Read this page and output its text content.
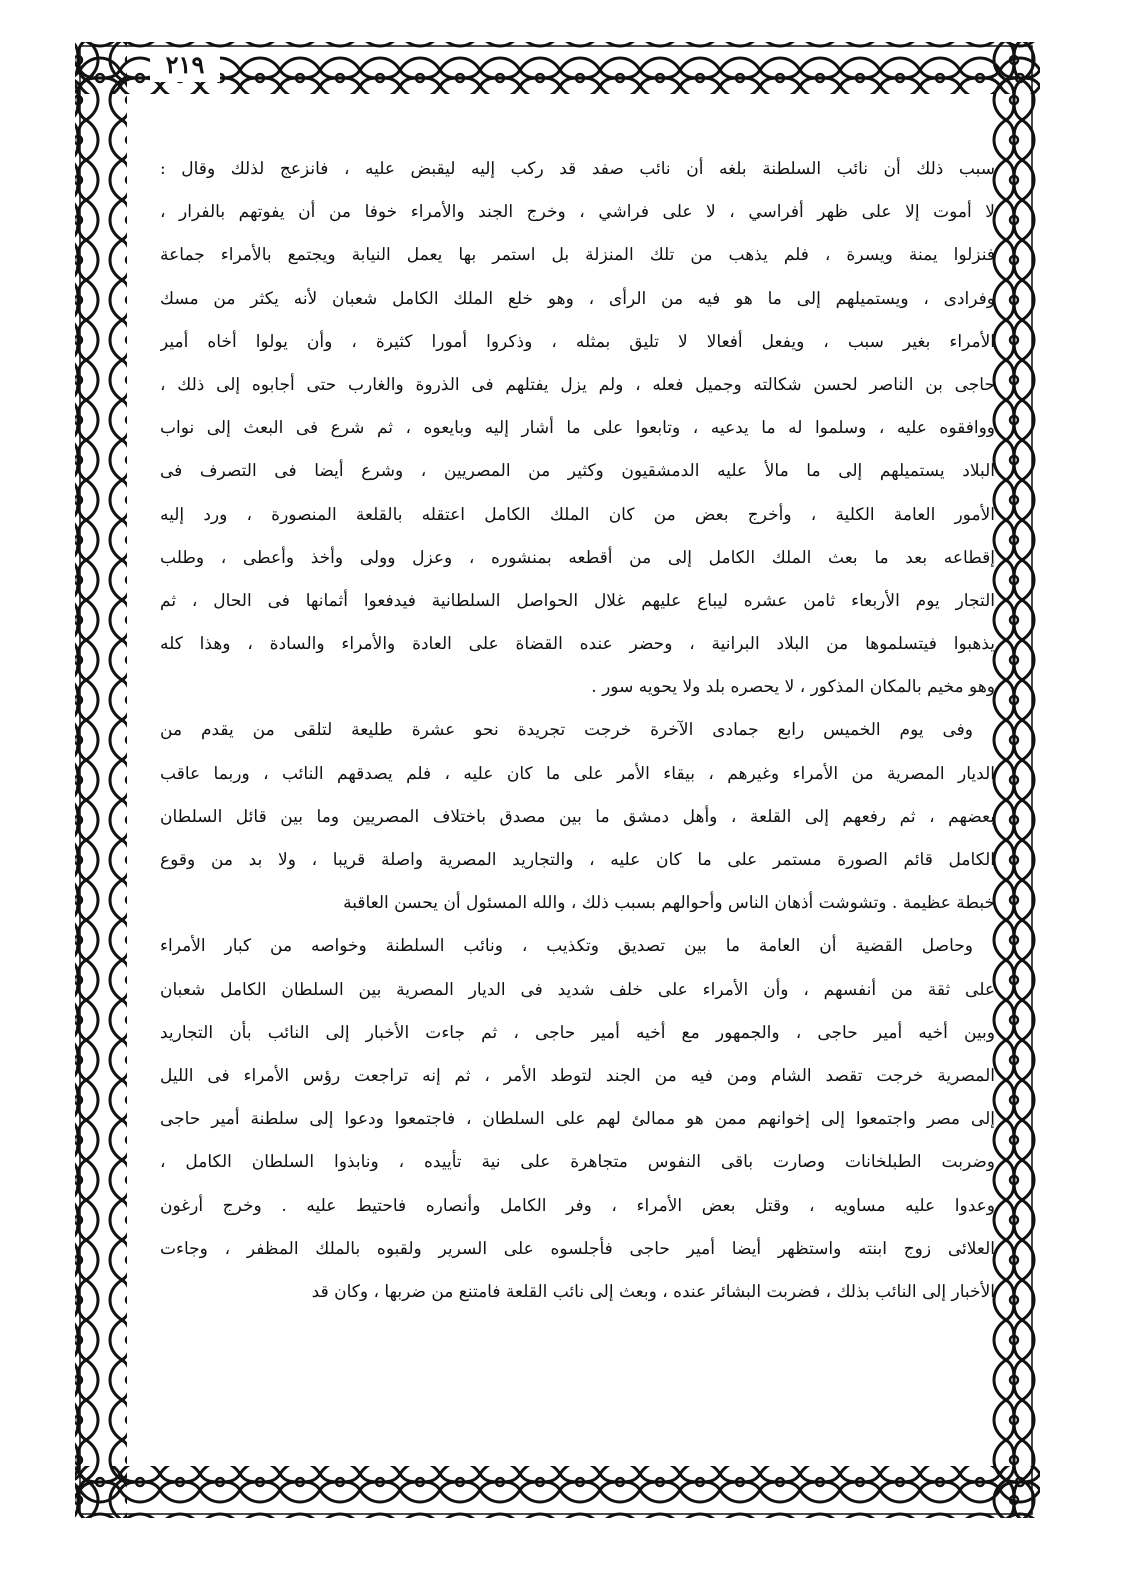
٢١٩
سبب ذلك أن نائب السلطنة بلغه أن نائب صفد قد ركب إليه ليقبض عليه ، فانزعج لذلك وقال :
لا أموت إلا على ظهر أفراسي ، لا على فراشي ، وخرج الجند والأمراء خوفا من أن يفوتهم بالفرار ،
فنزلوا يمنة ويسرة ، فلم يذهب من تلك المنزلة بل استمر بها يعمل النيابة ويجتمع بالأمراء جماعة
وفرادى ، ويستميلهم إلى ما هو فيه من الرأى ، وهو خلع الملك الكامل شعبان لأنه يكثر من مسك
الأمراء بغير سبب ، ويفعل أفعالا لا تليق بمثله ، وذكروا أمورا كثيرة ، وأن يولوا أخاه أمير
حاجى بن الناصر لحسن شكالته وجميل فعله ، ولم يزل يفتلهم فى الذروة والغارب حتى أجابوه إلى ذلك ،
ووافقوه عليه ، وسلموا له ما يدعيه ، وتابعوا على ما أشار إليه وبايعوه ، ثم شرع فى البعث إلى نواب
البلاد يستميلهم إلى ما مالأ عليه الدمشقيون وكثير من المصريين ، وشرع أيضا فى التصرف فى
الأمور العامة الكلية ، وأخرج بعض من كان الملك الكامل اعتقله بالقلعة المنصورة ، ورد إليه
إقطاعه بعد ما بعث الملك الكامل إلى من أقطعه بمنشوره ، وعزل وولى وأخذ وأعطى ، وطلب
التجار يوم الأربعاء ثامن عشره ليباع عليهم غلال الحواصل السلطانية فيدفعوا أثمانها فى الحال ، ثم
يذهبوا فيتسلموها من البلاد البرانية ، وحضر عنده القضاة على العادة والأمراء والسادة ، وهذا كله
وهو مخيم بالمكان المذكور ، لا يحصره بلد ولا يحويه سور .
وفى يوم الخميس رابع جمادى الآخرة خرجت تجريدة نحو عشرة طليعة لتلقى من يقدم من
الديار المصرية من الأمراء وغيرهم ، بيقاء الأمر على ما كان عليه ، فلم يصدقهم النائب ، وربما عاقب
بعضهم ، ثم رفعهم إلى القلعة ، وأهل دمشق ما بين مصدق باختلاف المصريين وما بين قائل السلطان
الكامل قائم الصورة مستمر على ما كان عليه ، والتجاريد المصرية واصلة قريبا ، ولا بد من وقوع
خبطة عظيمة . وتشوشت أذهان الناس وأحوالهم بسبب ذلك ، والله المسئول أن يحسن العاقبة
وحاصل القضية أن العامة ما بين تصديق وتكذيب ، ونائب السلطنة وخواصه من كبار الأمراء
على ثقة من أنفسهم ، وأن الأمراء على خلف شديد فى الديار المصرية بين السلطان الكامل شعبان
وبين أخيه أمير حاجى ، والجمهور مع أخيه أمير حاجى ، ثم جاءت الأخبار إلى النائب بأن التجاريد
المصرية خرجت تقصد الشام ومن فيه من الجند لتوطد الأمر ، ثم إنه تراجعت رؤس الأمراء فى الليل
إلى مصر واجتمعوا إلى إخوانهم ممن هو ممالئ لهم على السلطان ، فاجتمعوا ودعوا إلى سلطنة أمير حاجى
وضربت الطبلخانات وصارت باقى النفوس متجاهرة على نية تأييده ، ونابذوا السلطان الكامل ،
وعدوا عليه مساويه ، وقتل بعض الأمراء ، وفر الكامل وأنصاره فاحتيط عليه . وخرج أرغون
العلائى زوج ابنته واستظهر أيضا أمير حاجى فأجلسوه على السرير ولقبوه بالملك المظفر ، وجاءت
الأخبار إلى النائب بذلك ، فضربت البشائر عنده ، وبعث إلى نائب القلعة فامتنع من ضربها ، وكان قد
